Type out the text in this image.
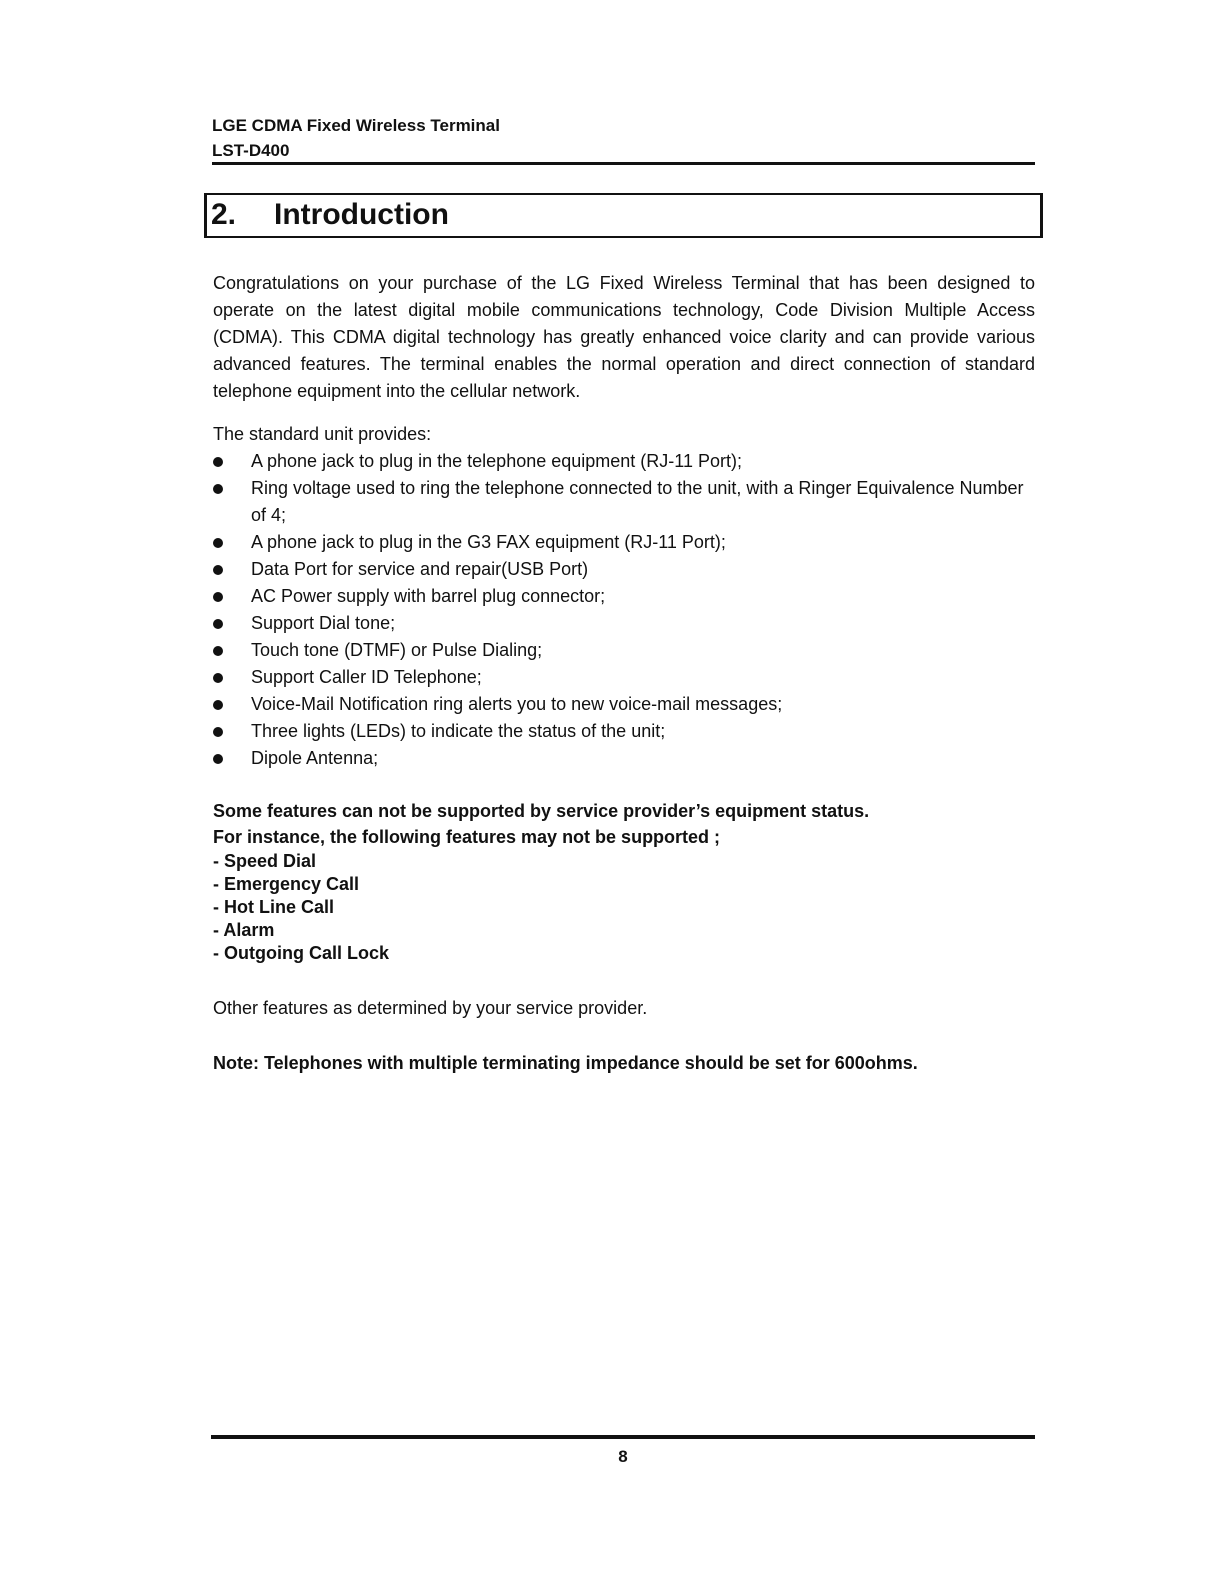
LGE CDMA Fixed Wireless Terminal
LST-D400
2. Introduction

Congratulations on your purchase of the LG Fixed Wireless Terminal that has been designed to operate on the latest digital mobile communications technology, Code Division Multiple Access (CDMA). This CDMA digital technology has greatly enhanced voice clarity and can provide various advanced features. The terminal enables the normal operation and direct connection of standard telephone equipment into the cellular network.

The standard unit provides:

A phone jack to plug in the telephone equipment (RJ-11 Port);
Ring voltage used to ring the telephone connected to the unit, with a Ringer Equivalence Number of 4;
A phone jack to plug in the G3 FAX equipment (RJ-11 Port);
Data Port for service and repair(USB Port)
AC Power supply with barrel plug connector;
Support Dial tone;
Touch tone (DTMF) or Pulse Dialing;
Support Caller ID Telephone;
Voice-Mail Notification ring alerts you to new voice-mail messages;
Three lights (LEDs) to indicate the status of the unit;
Dipole Antenna;
Some features can not be supported by service provider’s equipment status.
For instance, the following features may not be supported ;
- Speed Dial
- Emergency Call
- Hot Line Call
- Alarm
- Outgoing Call Lock

Other features as determined by your service provider.

Note: Telephones with multiple terminating impedance should be set for 600ohms.

8
